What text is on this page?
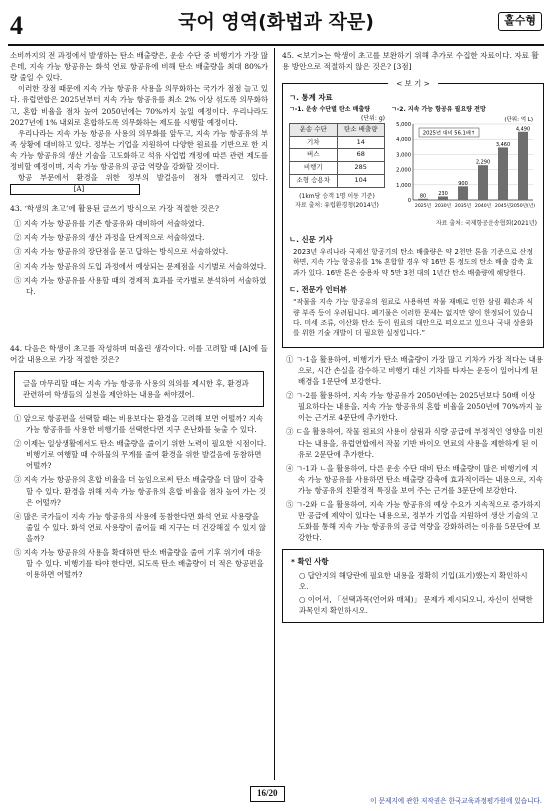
4	국어 영역(화법과 작문)	홀수형

소비까지의 전 과정에서 발생하는 탄소 배출량은, 운송 수단 중 비행기가 가장 많은데, 지속 가능 항공유는 화석 연료 항공유에 비해 탄소 배출량을 최대 80%가량 줄일 수 있다.

이러한 장점 때문에 지속 가능 항공유 사용을 의무화하는 국가가 점점 늘고 있다. 유럽연합은 2025년부터 지속 가능 항공유를 최소 2% 이상 섞도록 의무화하고, 혼합 비율을 점차 높여 2050년에는 70%까지 높일 예정이다. 우리나라도 2027년에 1% 내외로 혼합하도록 의무화하는 제도를 시행할 예정이다.

우리나라는 지속 가능 항공유 사용의 의무화를 앞두고, 지속 가능 항공유의 부족 상황에 대비하고 있다. 정부는 기업을 지원하여 다양한 원료를 기반으로 한 지속 가능 항공유의 생산 기술을 고도화하고 석유 사업법 개정에 따른 관련 제도를 정비할 예정이며, 지속 가능 항공유의 공급 역량을 강화할 것이다.

항공 부문에서 환경을 위한 정부의 발걸음이 점차 빨라지고 있다. [A]

43. ‘학생의 초고’에 활용된 글쓰기 방식으로 가장 적절한 것은?

① 지속 가능 항공유를 기존 항공유와 대비하여 서술하였다.

② 지속 가능 항공유의 생산 과정을 단계적으로 서술하였다.

③ 지속 가능 항공유의 장단점을 묻고 답하는 방식으로 서술하였다.

④ 지속 가능 항공유의 도입 과정에서 예상되는 문제점을 시기별로 서술하였다.

⑤ 지속 가능 항공유를 사용할 때의 경제적 효과를 국가별로 분석하여 서술하였다.

44. 다음은 학생이 초고를 작성하며 떠올린 생각이다. 이를 고려할 때 [A]에 들어갈 내용으로 가장 적절한 것은?

글을 마무리할 때는 지속 가능 항공유 사용의 의의를 제시한 후, 환경과 관련하여 학생들의 실천을 제안하는 내용을 써야겠어.

① 앞으로 항공편을 선택할 때는 비용보다는 환경을 고려해 보면 어떨까? 지속 가능 항공유를 사용한 비행기를 선택한다면 지구 온난화를 늦출 수 있다.

② 이제는 일상생활에서도 탄소 배출량을 줄이기 위한 노력이 필요한 시점이다. 비행기로 여행할 때 수하물의 무게를 줄여 환경을 위한 발걸음에 동참하면 어떨까?

③ 지속 가능 항공유의 혼합 비율을 더 높임으로써 탄소 배출량을 더 많이 감축할 수 있다. 환경을 위해 지속 가능 항공유의 혼합 비율을 점차 높여 가는 것은 어떨까?

④ 많은 국가들이 지속 가능 항공유의 사용에 동참한다면 화석 연료 사용량을 줄일 수 있다. 화석 연료 사용량이 줄어들 때 지구는 더 건강해질 수 있지 않을까?

⑤ 지속 가능 항공유의 사용을 확대하면 탄소 배출량을 줄여 기후 위기에 대응할 수 있다. 비행기를 타야 한다면, 되도록 탄소 배출량이 더 적은 항공편을 이용하면 어떨까?

45. <보기>는 학생이 초고를 보완하기 위해 추가로 수집한 자료이다. 자료 활용 방안으로 적절하지 않은 것은? [3점]

< 보 기 >

ㄱ. 통계 자료

ㄱ-1. 운송 수단별 탄소 배출량
(단위: g)
운송 수단	탄소 배출량
기차	14
버스	68
비행기	285
소형 승용차	104
(1km당 승객 1명 이동 기준)
자료 출처: 유럽환경청(2014년)
ㄱ-2. 지속 가능 항공유 필요량 전망
(단위: 억 L)
0
1,000
2,000
3,000
4,000
5,000
80
2025년
230
2030년
900
2035년
2,290
2040년
3,460
2045년
4,490
2050년(년)
2025년 대비 56.1배↑
자료 출처: 국제항공운송협회(2021년)

ㄴ. 신문 기사

2023년 우리나라 국제선 항공기의 탄소 배출량은 약 2천만 톤을 기준으로 산정하면, 지속 가능 항공유를 1% 혼합할 경우 약 16만 톤 정도의 탄소 배출 감축 효과가 있다. 16만 톤은 승용차 약 5만 3천 대의 1년간 탄소 배출량에 해당한다.

ㄷ. 전문가 인터뷰

“작물을 지속 가능 항공유의 원료로 사용하면 작물 재배로 인한 삼림 훼손과 식량 부족 등이 우려됩니다. 폐기물은 이러한 문제는 없지만 양이 한정되어 있습니다. 미세 조류, 이산화 탄소 등이 원료의 대안으로 떠오르고 있으나 국내 상용화를 위한 기술 개발이 더 필요한 실정입니다.”

① ㄱ-1을 활용하여, 비행기가 탄소 배출량이 가장 많고 기차가 가장 적다는 내용으로, 시간 손실을 감수하고 비행기 대신 기차를 타자는 운동이 일어나게 된 배경을 1문단에 보강한다.

② ㄱ-2를 활용하여, 지속 가능 항공유가 2050년에는 2025년보다 50배 이상 필요하다는 내용을, 지속 가능 항공유의 혼합 비율을 2050년에 70%까지 높이는 근거로 4문단에 추가한다.

③ ㄷ을 활용하여, 작물 원료의 사용이 삼림과 식량 공급에 부정적인 영향을 미친다는 내용을, 유럽연합에서 작물 기반 바이오 연료의 사용을 제한하게 된 이유로 2문단에 추가한다.

④ ㄱ-1과 ㄴ을 활용하여, 다른 운송 수단 대비 탄소 배출량이 많은 비행기에 지속 가능 항공유를 사용하면 탄소 배출량 감축에 효과적이라는 내용으로, 지속 가능 항공유의 친환경적 특징을 보여 주는 근거를 3문단에 보강한다.

⑤ ㄱ-2와 ㄷ을 활용하여, 지속 가능 항공유의 예상 수요가 지속적으로 증가하지만 공급에 제약이 있다는 내용으로, 정부가 기업을 지원하여 생산 기술의 고도화를 통해 지속 가능 항공유의 공급 역량을 강화하려는 이유를 5문단에 보강한다.

* 확인 사항

○ 답안지의 해당란에 필요한 내용을 정확히 기입(표기)했는지 확인하시오.

○ 이어서, 「선택과목(언어와 매체)」 문제가 제시되오니, 자신이 선택한 과목인지 확인하시오.

16/20
이 문제지에 관한 저작권은 한국교육과정평가원에 있습니다.
